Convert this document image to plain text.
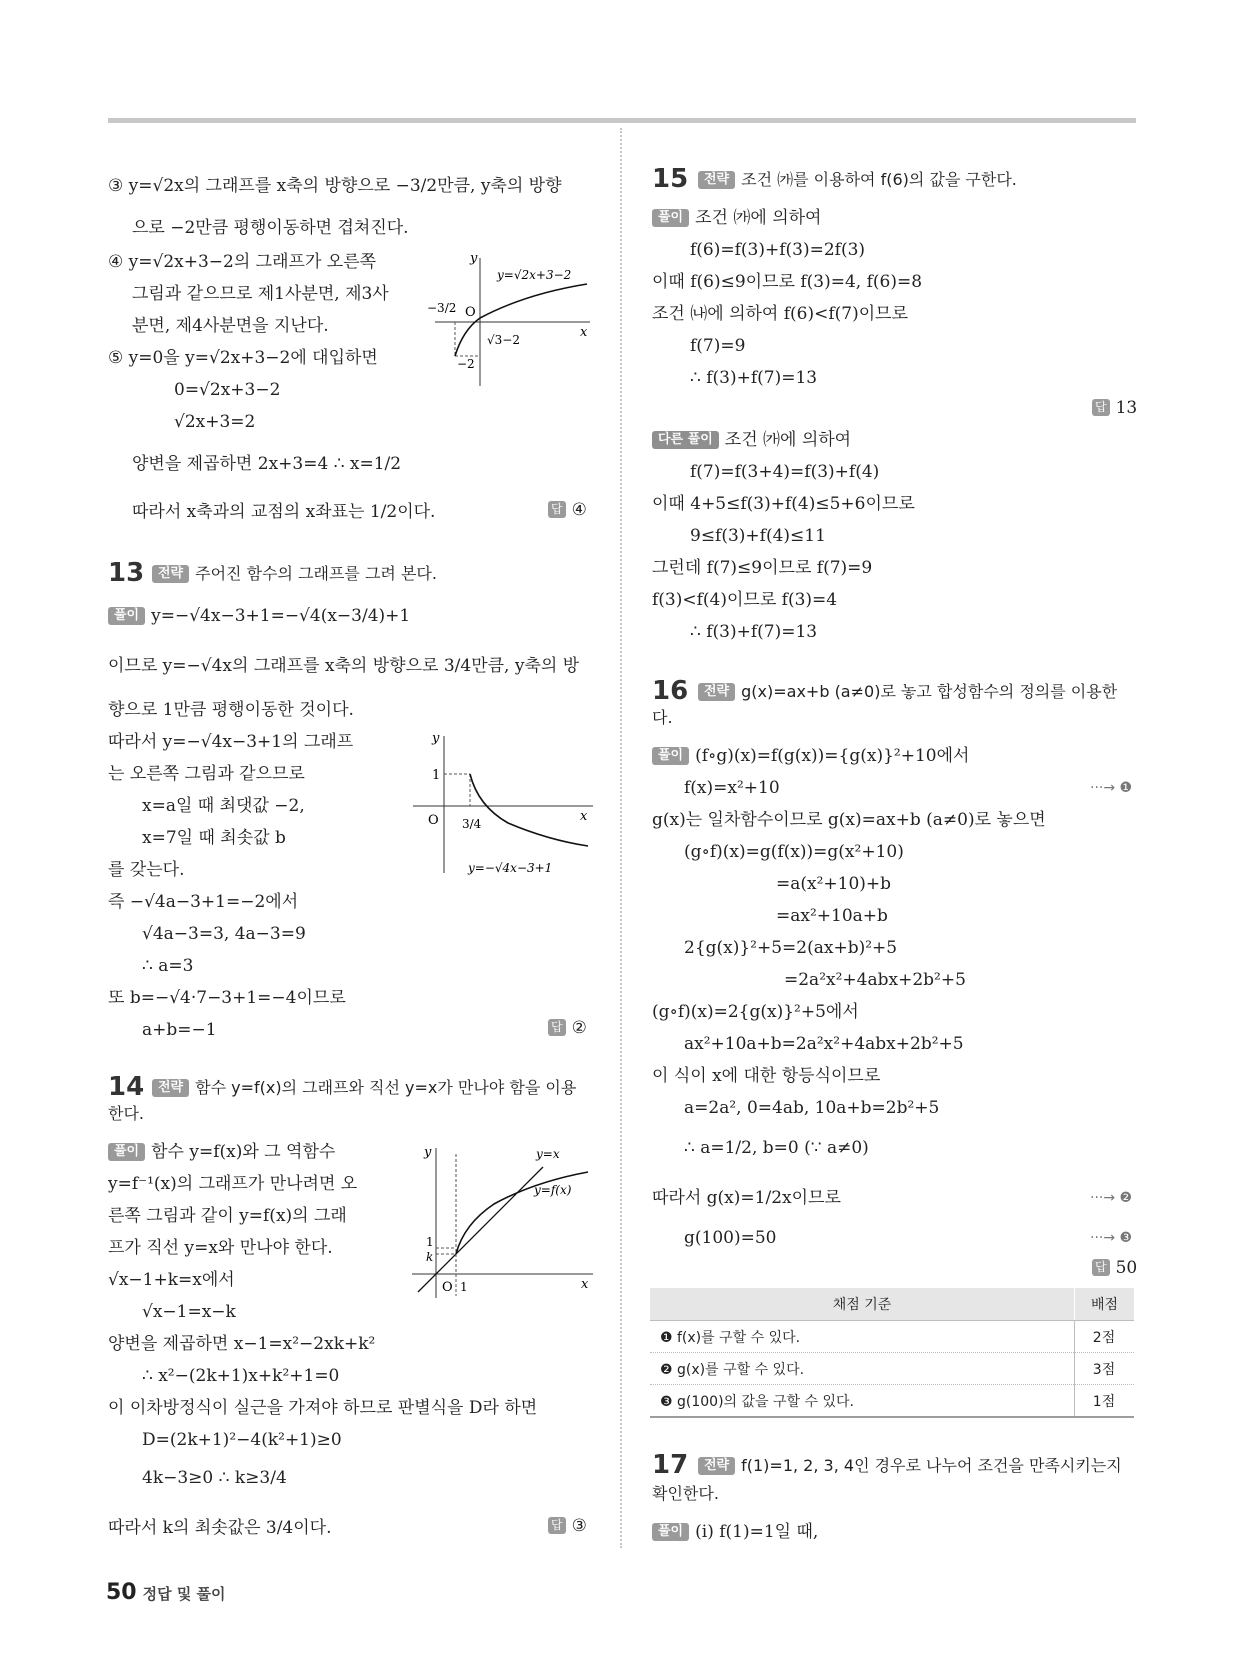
③ y=√2x의 그래프를 x축의 방향으로 −3/2만큼, y축의 방향
으로 −2만큼 평행이동하면 겹쳐진다.
④ y=√2x+3−2의 그래프가 오른쪽
그림과 같으므로 제1사분면, 제3사
분면, 제4사분면을 지난다.
⑤ y=0을 y=√2x+3−2에 대입하면
0=√2x+3−2
√2x+3=2
양변을 제곱하면 2x+3=4 ∴ x=1/2
따라서 x축과의 교점의 x좌표는 1/2이다.	답 ④
y
x
O
−3/2
−2
√3−2
y=√2x+3−2
13	전략 주어진 함수의 그래프를 그려 본다.
풀이 y=−√4x−3+1=−√4(x−3/4)+1
이므로 y=−√4x의 그래프를 x축의 방향으로 3/4만큼, y축의 방
향으로 1만큼 평행이동한 것이다.
따라서 y=−√4x−3+1의 그래프
는 오른쪽 그림과 같으므로
x=a일 때 최댓값 −2,
x=7일 때 최솟값 b
를 갖는다.
즉 −√4a−3+1=−2에서
√4a−3=3, 4a−3=9
∴ a=3
또 b=−√4·7−3+1=−4이므로
a+b=−1	답 ②
y
x
O
1
3/4
y=−√4x−3+1
14	전략 함수 y=f(x)의 그래프와 직선 y=x가 만나야 함을 이용
한다.
풀이 함수 y=f(x)와 그 역함수
y=f⁻¹(x)의 그래프가 만나려면 오
른쪽 그림과 같이 y=f(x)의 그래
프가 직선 y=x와 만나야 한다.
√x−1+k=x에서
√x−1=x−k
양변을 제곱하면 x−1=x²−2xk+k²
∴ x²−(2k+1)x+k²+1=0
이 이차방정식이 실근을 가져야 하므로 판별식을 D라 하면
D=(2k+1)²−4(k²+1)≥0
4k−3≥0 ∴ k≥3/4
따라서 k의 최솟값은 3/4이다.	답 ③
y
x
O 1
1
k
y=x
y=f(x)
15	전략 조건 ㈎를 이용하여 f(6)의 값을 구한다.
풀이 조건 ㈎에 의하여
f(6)=f(3)+f(3)=2f(3)
이때 f(6)≤9이므로 f(3)=4, f(6)=8
조건 ㈏에 의하여 f(6)<f(7)이므로
f(7)=9
∴ f(3)+f(7)=13
답 13
다른 풀이 조건 ㈎에 의하여
f(7)=f(3+4)=f(3)+f(4)
이때 4+5≤f(3)+f(4)≤5+6이므로
9≤f(3)+f(4)≤11
그런데 f(7)≤9이므로 f(7)=9
f(3)<f(4)이므로 f(3)=4
∴ f(3)+f(7)=13
16	전략 g(x)=ax+b (a≠0)로 놓고 합성함수의 정의를 이용한
다.
풀이 (f∘g)(x)=f(g(x))={g(x)}²+10에서
f(x)=x²+10	···→ ❶
g(x)는 일차함수이므로 g(x)=ax+b (a≠0)로 놓으면
(g∘f)(x)=g(f(x))=g(x²+10)
=a(x²+10)+b
=ax²+10a+b
2{g(x)}²+5=2(ax+b)²+5
=2a²x²+4abx+2b²+5
(g∘f)(x)=2{g(x)}²+5에서
ax²+10a+b=2a²x²+4abx+2b²+5
이 식이 x에 대한 항등식이므로
a=2a², 0=4ab, 10a+b=2b²+5
∴ a=1/2, b=0 (∵ a≠0)
따라서 g(x)=1/2x이므로	···→ ❷
g(100)=50	···→ ❸
답 50
채점 기준	배점
❶ f(x)를 구할 수 있다.	2점
❷ g(x)를 구할 수 있다.	3점
❸ g(100)의 값을 구할 수 있다.	1점
17	전략 f(1)=1, 2, 3, 4인 경우로 나누어 조건을 만족시키는지
확인한다.
풀이 (i) f(1)=1일 때,
50 정답 및 풀이
